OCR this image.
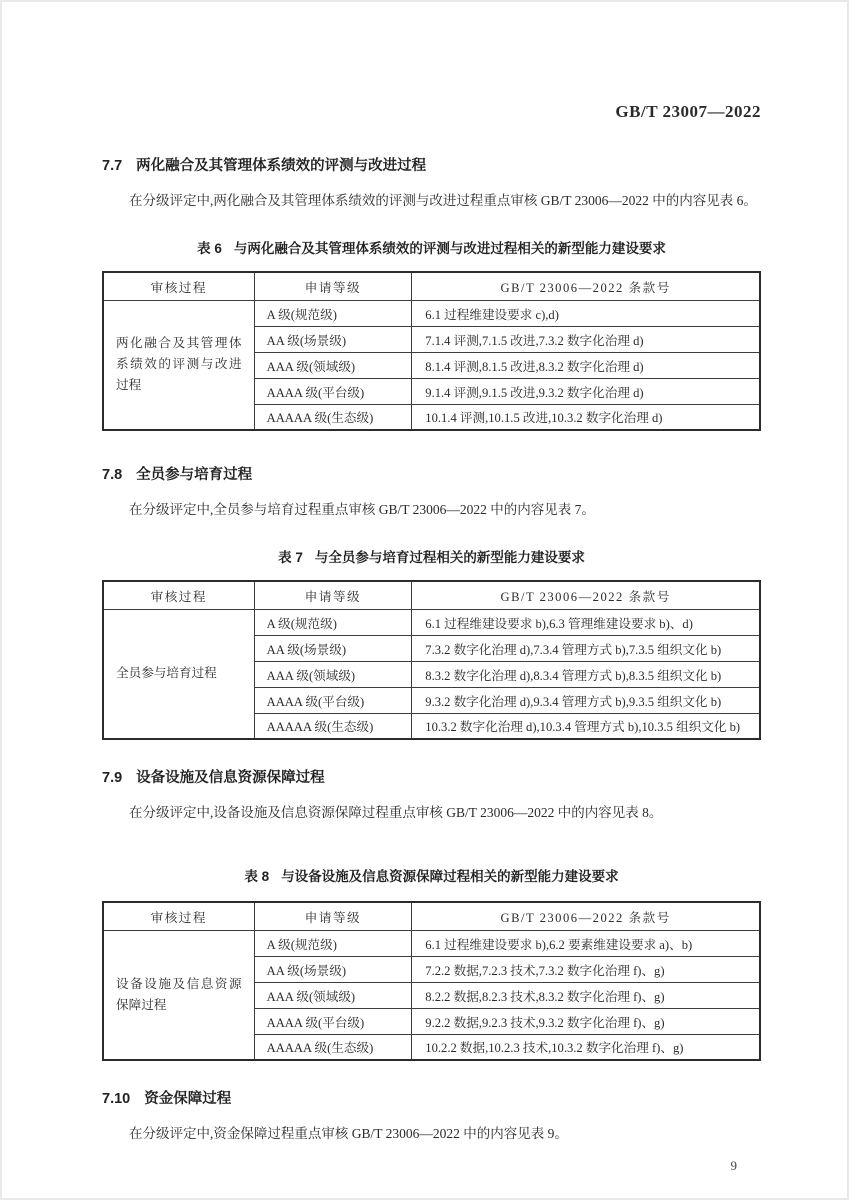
GB/T 23007—2022

7.7 两化融合及其管理体系绩效的评测与改进过程

在分级评定中,两化融合及其管理体系绩效的评测与改进过程重点审核 GB/T 23006—2022 中的内容见表 6。

表 6 与两化融合及其管理体系绩效的评测与改进过程相关的新型能力建设要求

审核过程	申请等级	GB/T 23006—2022 条款号
两化融合及其管理体系绩效的评测与改进过程	A 级(规范级)	6.1 过程维建设要求 c),d)
	AA 级(场景级)	7.1.4 评测,7.1.5 改进,7.3.2 数字化治理 d)
	AAA 级(领域级)	8.1.4 评测,8.1.5 改进,8.3.2 数字化治理 d)
	AAAA 级(平台级)	9.1.4 评测,9.1.5 改进,9.3.2 数字化治理 d)
	AAAAA 级(生态级)	10.1.4 评测,10.1.5 改进,10.3.2 数字化治理 d)

7.8 全员参与培育过程

在分级评定中,全员参与培育过程重点审核 GB/T 23006—2022 中的内容见表 7。

表 7 与全员参与培育过程相关的新型能力建设要求

审核过程	申请等级	GB/T 23006—2022 条款号
全员参与培育过程	A 级(规范级)	6.1 过程维建设要求 b),6.3 管理维建设要求 b)、d)
	AA 级(场景级)	7.3.2 数字化治理 d),7.3.4 管理方式 b),7.3.5 组织文化 b)
	AAA 级(领域级)	8.3.2 数字化治理 d),8.3.4 管理方式 b),8.3.5 组织文化 b)
	AAAA 级(平台级)	9.3.2 数字化治理 d),9.3.4 管理方式 b),9.3.5 组织文化 b)
	AAAAA 级(生态级)	10.3.2 数字化治理 d),10.3.4 管理方式 b),10.3.5 组织文化 b)

7.9 设备设施及信息资源保障过程

在分级评定中,设备设施及信息资源保障过程重点审核 GB/T 23006—2022 中的内容见表 8。

表 8 与设备设施及信息资源保障过程相关的新型能力建设要求

审核过程	申请等级	GB/T 23006—2022 条款号
设备设施及信息资源保障过程	A 级(规范级)	6.1 过程维建设要求 b),6.2 要素维建设要求 a)、b)
	AA 级(场景级)	7.2.2 数据,7.2.3 技术,7.3.2 数字化治理 f)、g)
	AAA 级(领域级)	8.2.2 数据,8.2.3 技术,8.3.2 数字化治理 f)、g)
	AAAA 级(平台级)	9.2.2 数据,9.2.3 技术,9.3.2 数字化治理 f)、g)
	AAAAA 级(生态级)	10.2.2 数据,10.2.3 技术,10.3.2 数字化治理 f)、g)

7.10 资金保障过程

在分级评定中,资金保障过程重点审核 GB/T 23006—2022 中的内容见表 9。

9
